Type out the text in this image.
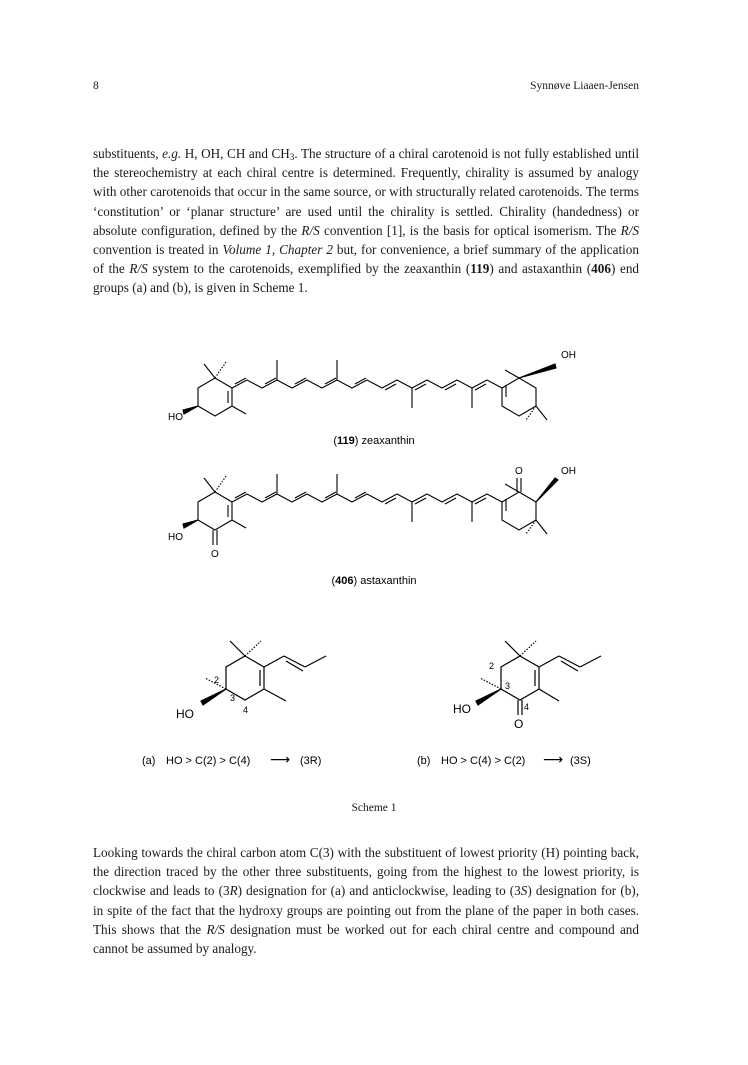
8	Synnøve Liaaen-Jensen

substituents, e.g. H, OH, CH and $CH_3$. The structure of a chiral carotenoid is not fully established until the stereochemistry at each chiral centre is determined. Frequently, chirality is assumed by analogy with other carotenoids that occur in the same source, or with structurally related carotenoids. The terms ‘constitution’ or ‘planar structure’ are used until the chirality is settled. Chirality (handedness) or absolute configuration, defined by the R/S convention [1], is the basis for optical isomerism. The R/S convention is treated in Volume 1, Chapter 2 but, for convenience, a brief summary of the application of the R/S system to the carotenoids, exemplified by the zeaxanthin (119) and astaxanthin (406) end groups (a) and (b), is given in Scheme 1.

HO
OH
(119) zeaxanthin
HO
O
O	OH
(406) astaxanthin
2
3
4
HO
2
3
4
HO
O
(a) HO > C(2) > C(4) ⟶ (3R)	(b) HO > C(4) > C(2) ⟶ (3S)
Scheme 1

Looking towards the chiral carbon atom C(3) with the substituent of lowest priority (H) pointing back, the direction traced by the other three substituents, going from the highest to the lowest priority, is clockwise and leads to (3R) designation for (a) and anticlockwise, leading to (3S) designation for (b), in spite of the fact that the hydroxy groups are pointing out from the plane of the paper in both cases. This shows that the R/S designation must be worked out for each chiral centre and compound and cannot be assumed by analogy.
